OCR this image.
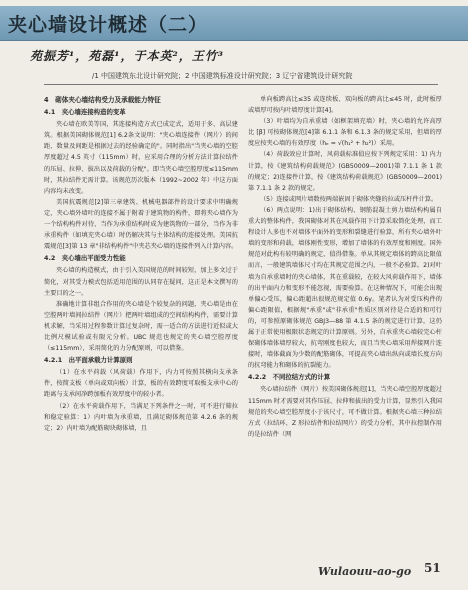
夹心墙设计概述（二）
苑振芳¹，苑磊¹，于本英²，王竹³
/1 中国建筑东北设计研究院；2 中国建筑标准设计研究院；3 辽宁省建筑设计研究院
4　砌体夹心墙结构受力及承载能力特征
4.1　夹心墙连接构造的变革

夹心墙在欧美等国，其连接构造方式已成定式，适用于多、高层建筑。根据美国砌体规范[1] 6.2条文说明："夹心墙连接件（网片）的间距、数量及间距是根据过去的经验确定的"。同时指出"当夹心墙的空腔厚度超过 4.5 英寸（115mm）时，应采用合理的分析方法计算拉结件的压屈、拉伸、拔出以及荷载的分配"。即当夹心墙空腔厚度≤115mm 时，其拉结件无需计算。该规范历次版本（1992~2002 年）中这方面内容均未改变。

美国抗震规范[2]第三章建筑、机械电器部件的设计要求中明确规定，夹心墙外墙叶的连接不属于附着于建筑物的构件，即将夹心墙作为一个结构构件对待，当作为承重结构时成为建筑物的一部分，当作为非承重构件（如填充夹心墙）时仍解决其与主体结构的连接处理。美国抗震规范[3]第 13 章"非结构构件"中夹芯夹心墙的连接件列入计算内容。

4.2　夹心墙出平面受力性能

夹心墙的构造模式，由于引入美国规范的时间较短，加上多文过于简化，对其受力模式包括适用范围的认同存在疑问，这正是本文撰写的主要目的之一。

准确地计算非组合作用的夹心墙是个较复杂的问题，夹心墙是由在空腔两叶墙间拉结件（网片）把两叶墙组成的空间结构构件，需要计算机求解，当采用过程参数计算过复杂时，需一适合的方法进行近似或大比例尺模试验或有限元分析。UBC 规范也规定的夹心墙空腔厚度（≤115mm），采用简化的力分配原则，可以借鉴。

4.2.1　出平面承载力计算原则

（1）在水平荷载（风荷载）作用下，内力可按照其横向支承条件，按简支板（单向或双向板）计算，板的有效跨度可取板支承中心的距离与支承间净跨加板有效厚度中的较小者。

（2）在水平荷载作用下，当满足下列条件之一时，可不进行筛拉和稳定验算：1）内叶墙为承重墙，且满足砌体规范第 4.2.6 条的规定；2）内叶墙为配筋砌块砌体墙，且

单向板跨高比≤35 或连续板、双向板的跨高比≤45 时，此时板厚或墙厚可按内叶墙厚度计算[4]。

（3）叶墙均为自承重墙（如框架填充墙）时，夹心墙的允许高厚比 [β] 可按砌体规范[4]第 6.1.1 条和 6.1.3 条的规定采用，但墙的厚度应按夹心墙的有效厚度（hₑ = √(h₁² + h₂²)）采用。

（4）荷载效应计算时，风荷载标准值应按下列规定采用：1) 内力计算，按《建筑结构荷载规范》(GB50009—2001)第 7.1.1 条 1 款的规定；2)连接件计算，按《建筑结构荷载规范》(GB50009—2001) 第 7.1.1 条 2 款的规定。

（5）连接或网片墙数按两端嵌固于砌体夹缝的拉或压杆件计算。

（6）两点说明：1)出于砌体结构、钢筋混凝土剪力墙结构构属自重大的整体构件，我国砌体对其在风载作用下计算采取简化处理，而工程设计人多也不对墙体平面外的变形和裂缝进行验算，所有夹心墙外叶墙的变形和荷载，墙体刚性变形，增加了墙体的有效厚度和刚度。国外规范对此构有较明确的规定，值得借鉴。单从其规定墙体的跨高比限值而言，一般建筑墙体尺寸均在其规定范围之内，一般不必验算。2)对叶墙为自承重墙时的夹心墙体，其在重载较，在较大风荷载作用下，墙体的出平面内力和变形不能忽视，需要验算。在这种情况下，可能会出现单偏心受压，偏心距超出很规范规定值 0.6y。笔者认为对受压构件的偏心距限值，根据规"承重"或"非承重"性质区别对待是合适的和可行的，可参照原砌体规范 GBJ3—88 第 4.1.5 条的规定进行计算，这仍属于正常使用极限状态规定的计算原则。另外，自承重夹心墙较完心杆保砌体墙体墙厚较大，抗弯刚度也较大，而且当夹心墙采用焊接网片连接时，墙体截面为少数的配筋砌体，可提高夹心墙出纵向或墙长度方向的抗弯能力和砌体的抗裂能力。

4.2.2　不同拉结方式的计算

夹心墙拉结件（网片）按美国砌体规范[1]，当夹心墙空腔厚度超过 115mm 时才需要对其作压屈、拉伸和拔出的受力计算，显然引入我国规范的夹心墙空腔厚度小于该尺寸，可不做计算。根据夹心墙三种拉结方式（拉结环、Z 形拉结件和拉结网片）的受力分析，其中拉控制作用的是拉结件（网

Wulaouu-ao-go 51
